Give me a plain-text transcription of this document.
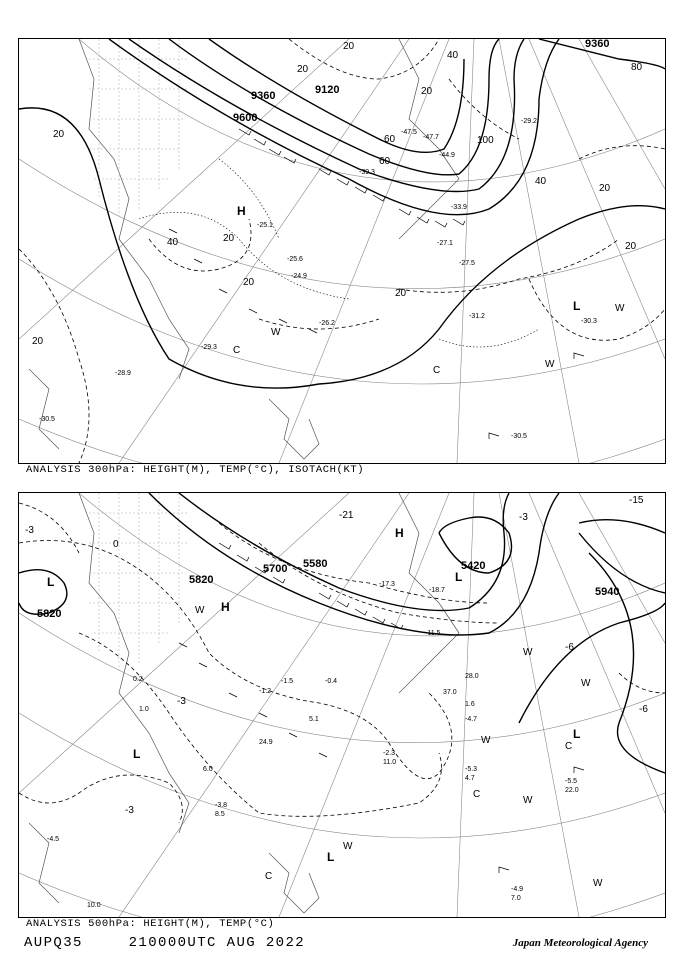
9360
9120
9360
9600
20
40
60
80
100
20
40
20
20
20
20
20
40
20
60
20
20
H
L
W
W
W
C
C
-30.3
-30.5
-31.2
-27.5
-27.1
-29.3
-28.9
-25.6
-24.9
-26.2
-25.1
-33.9
-39.3
-47.5
-47.7
-44.9
-29.2
-30.5
ANALYSIS 300hPa: HEIGHT(M), TEMP(°C), ISOTACH(KT)
5700 5580
5820
5820
5940
5420
-3
-3
-21
-15
-6
-6
-3
0
-3
-4.7
-5.3
-5.5
-4.9
-3.8
-2.3
-4.5
-17.3
-18.7
-11.5
-1.2
-1.5	-0.4
22.0
37.0
28.0
1.6
4.7
7.0
11.0
8.5
24.9
10.0
6.0
1.0
0.2
5.1
L
L
L
L
L
H
H
W
W
W
W
W
W
W
C
C
C
ANALYSIS 500hPa: HEIGHT(M), TEMP(°C)
AUPQ35	210000UTC AUG 2022	Japan Meteorological Agency
